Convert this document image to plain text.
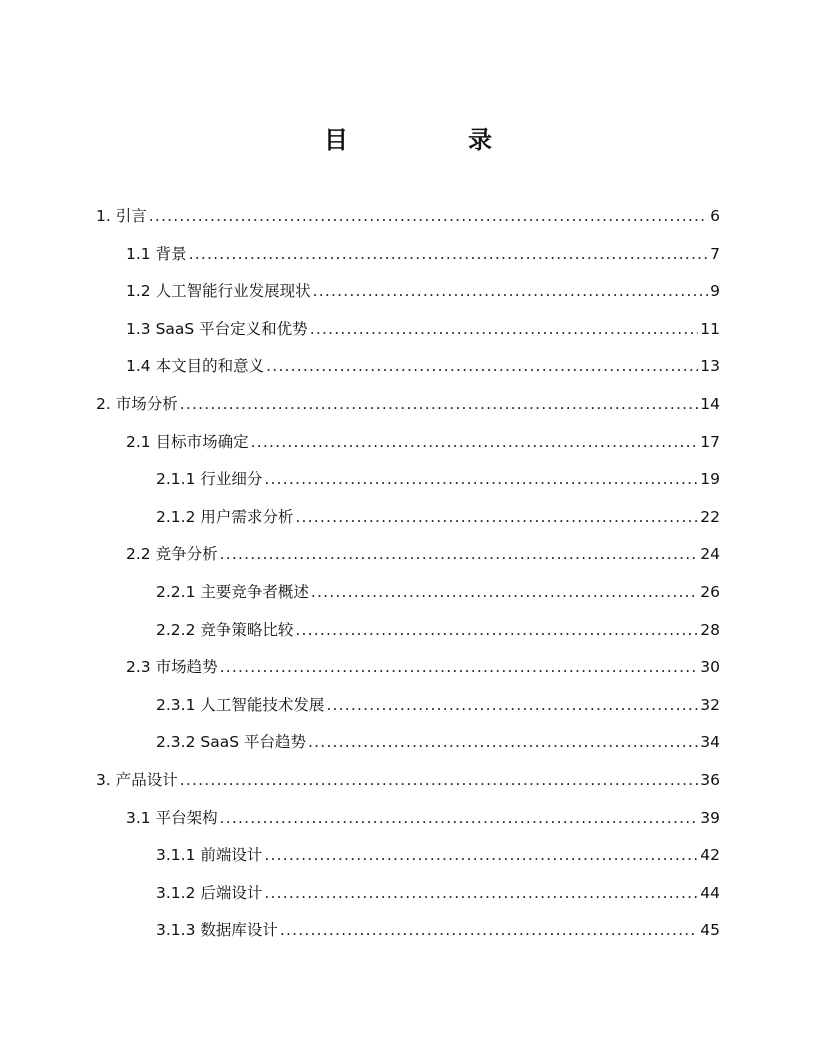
目　录
1. 引言 .....	6
1.1 背景 .....	7
1.2 人工智能行业发展现状 .....	9
1.3 SaaS 平台定义和优势 .....	11
1.4 本文目的和意义 .....	13
2. 市场分析 .....	14
2.1 目标市场确定 .....	17
2.1.1 行业细分 .....	19
2.1.2 用户需求分析 .....	22
2.2 竞争分析 .....	24
2.2.1 主要竞争者概述 .....	26
2.2.2 竞争策略比较 .....	28
2.3 市场趋势 .....	30
2.3.1 人工智能技术发展 .....	32
2.3.2 SaaS 平台趋势 .....	34
3. 产品设计 .....	36
3.1 平台架构 .....	39
3.1.1 前端设计 .....	42
3.1.2 后端设计 .....	44
3.1.3 数据库设计 .....	45
